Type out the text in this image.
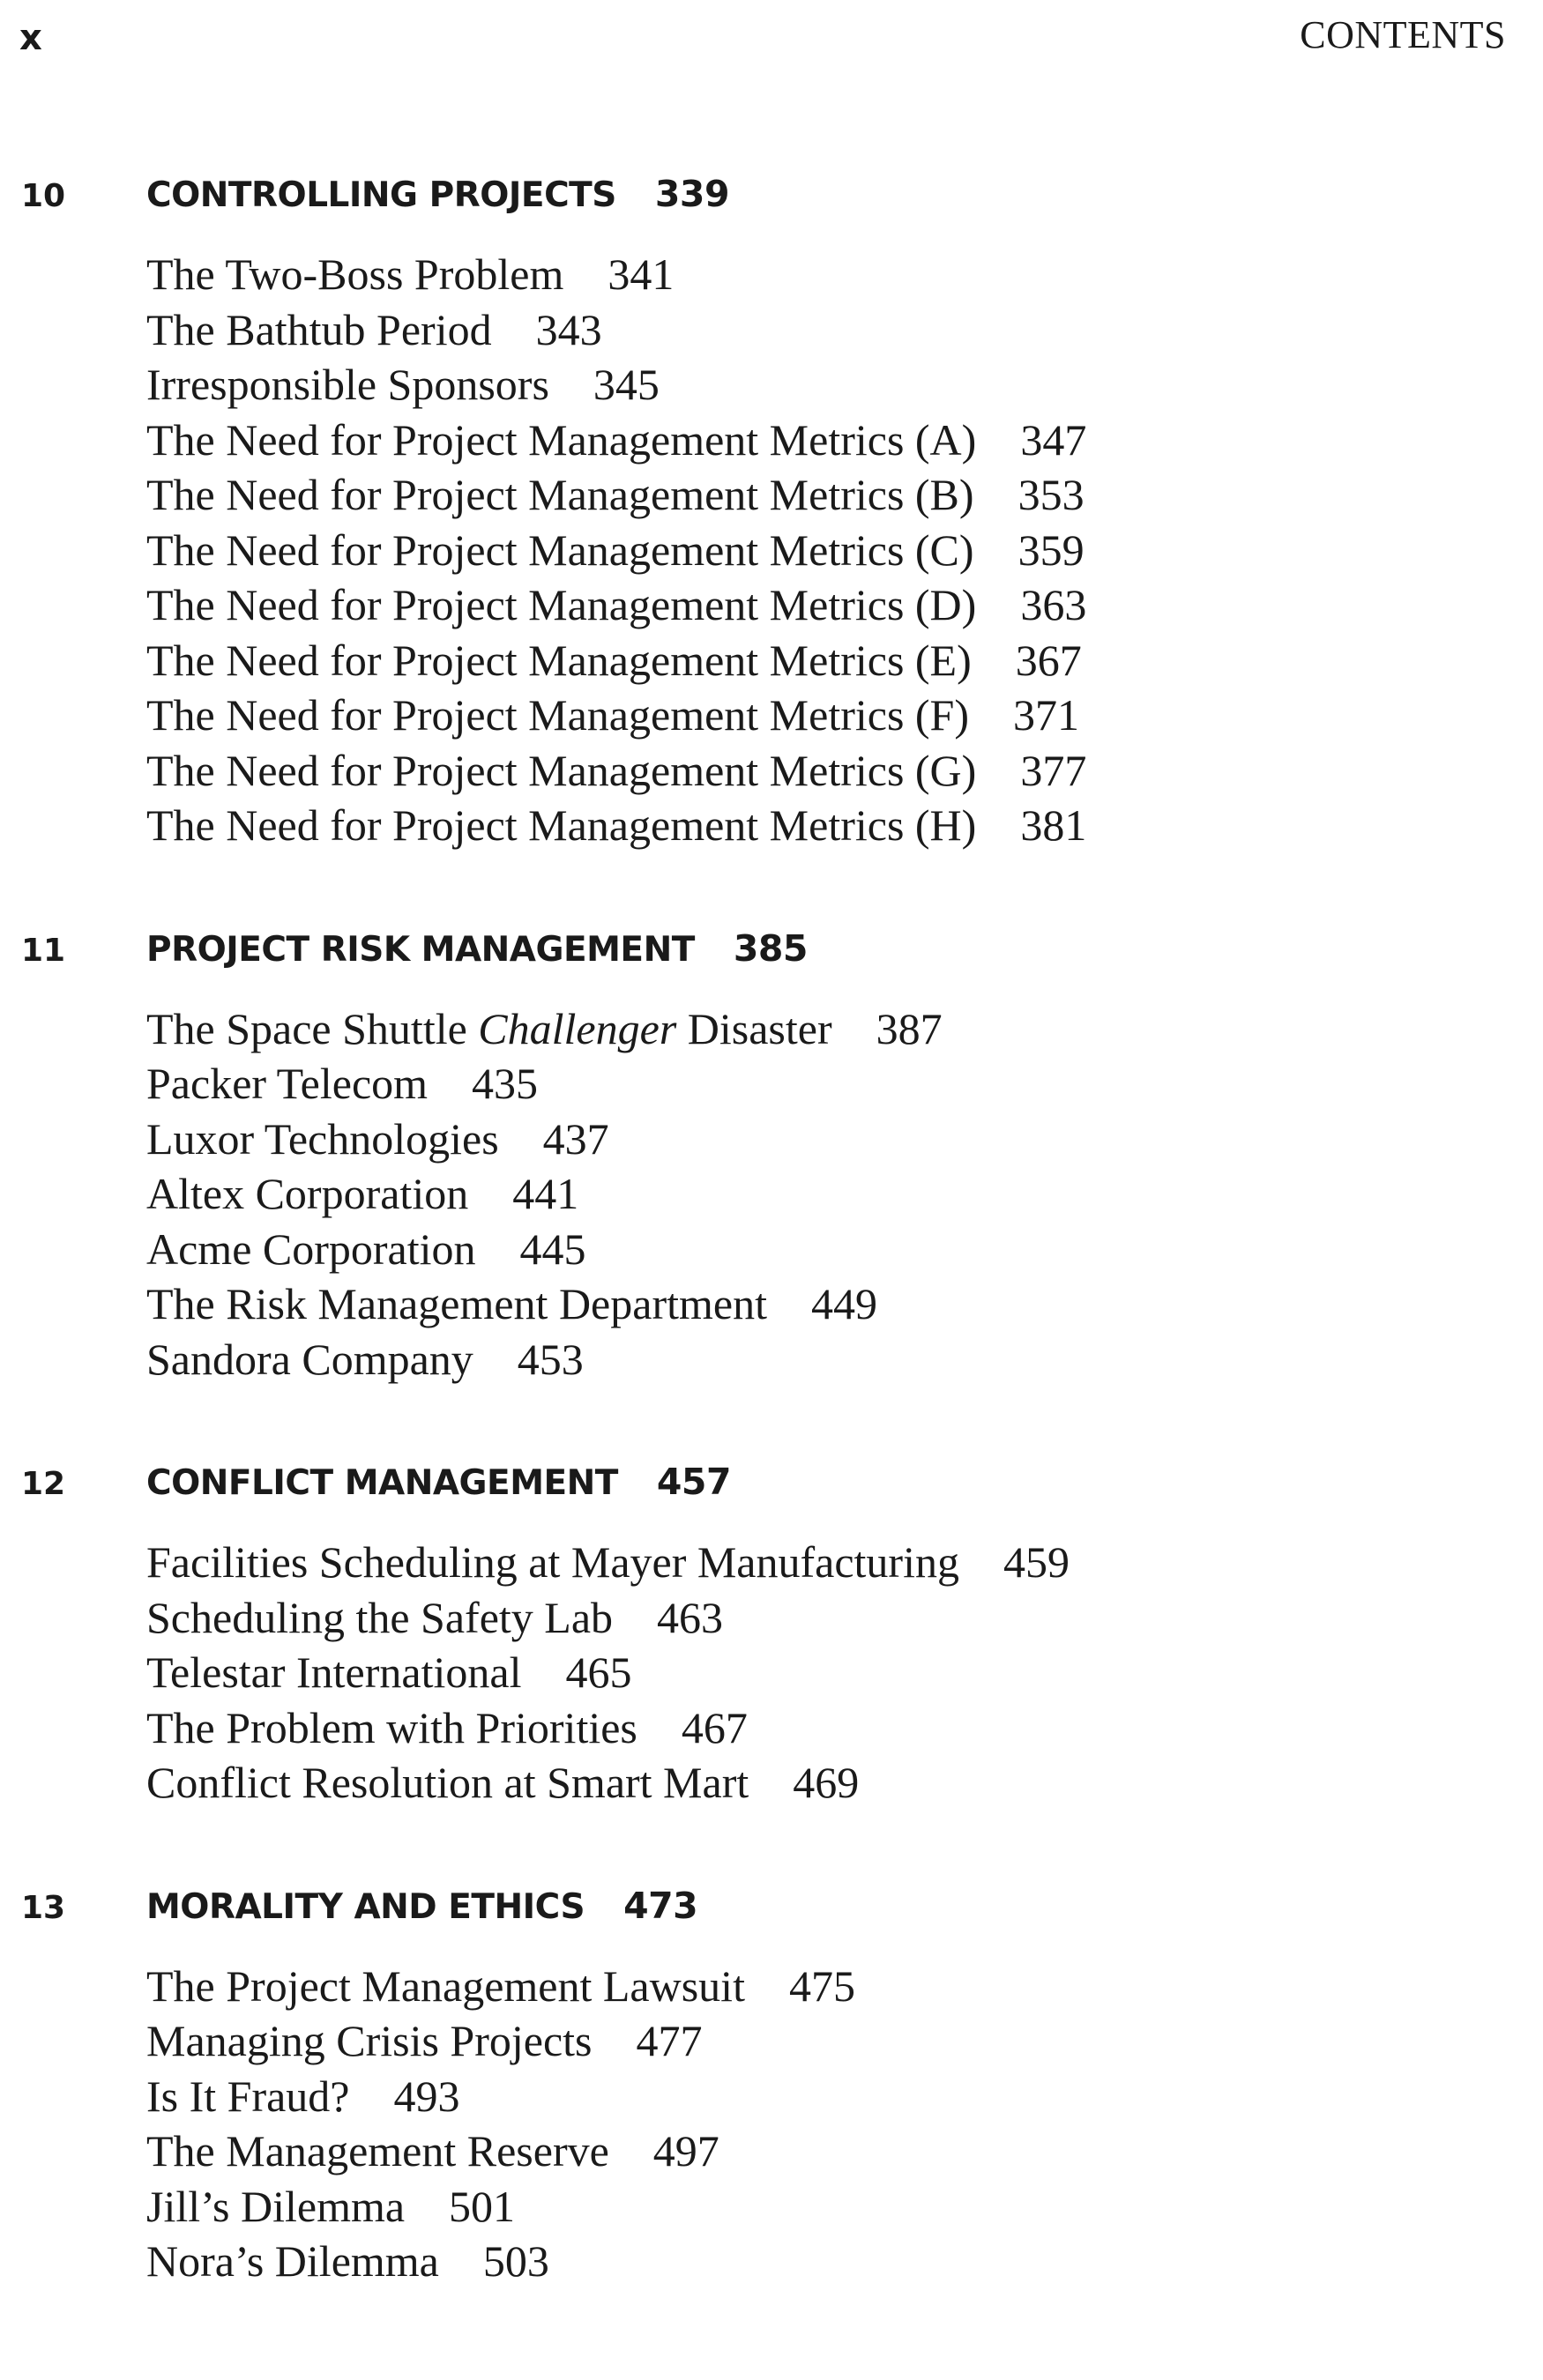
x	CONTENTS
10 CONTROLLING PROJECTS 339
The Two-Boss Problem 341
The Bathtub Period 343
Irresponsible Sponsors 345
The Need for Project Management Metrics (A) 347
The Need for Project Management Metrics (B) 353
The Need for Project Management Metrics (C) 359
The Need for Project Management Metrics (D) 363
The Need for Project Management Metrics (E) 367
The Need for Project Management Metrics (F) 371
The Need for Project Management Metrics (G) 377
The Need for Project Management Metrics (H) 381
11 PROJECT RISK MANAGEMENT 385
The Space Shuttle Challenger Disaster 387
Packer Telecom 435
Luxor Technologies 437
Altex Corporation 441
Acme Corporation 445
The Risk Management Department 449
Sandora Company 453
12 CONFLICT MANAGEMENT 457
Facilities Scheduling at Mayer Manufacturing 459
Scheduling the Safety Lab 463
Telestar International 465
The Problem with Priorities 467
Conflict Resolution at Smart Mart 469
13 MORALITY AND ETHICS 473
The Project Management Lawsuit 475
Managing Crisis Projects 477
Is It Fraud? 493
The Management Reserve 497
Jill’s Dilemma 501
Nora’s Dilemma 503
